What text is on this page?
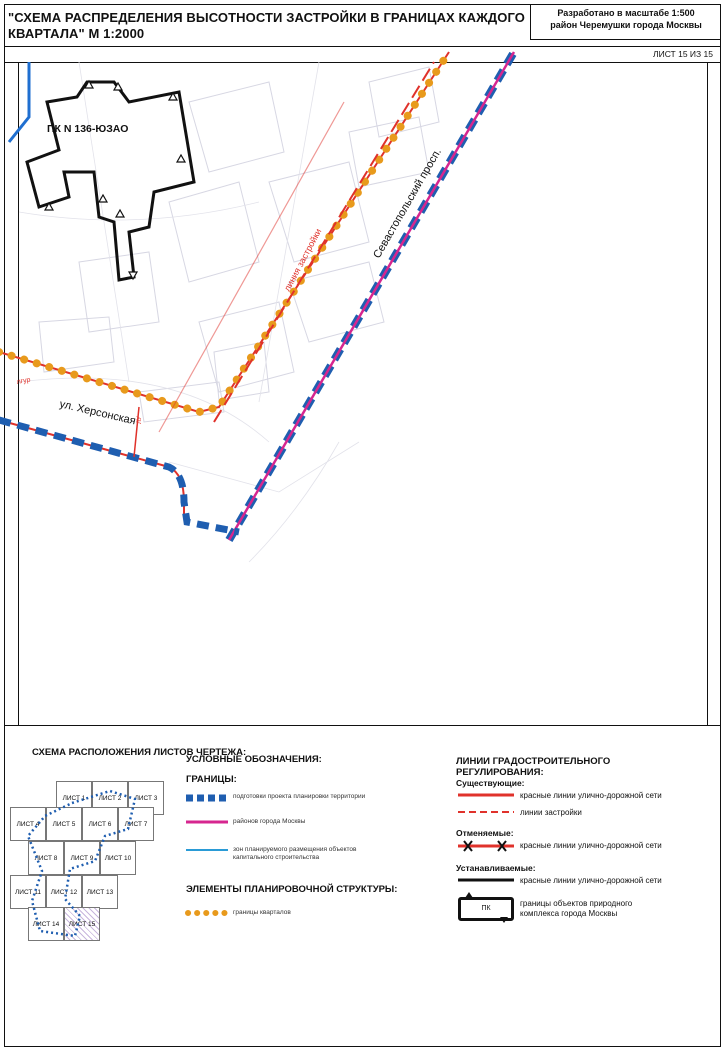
"СХЕМА РАСПРЕДЕЛЕНИЯ ВЫСОТНОСТИ ЗАСТРОЙКИ В ГРАНИЦАХ КАЖДОГО КВАРТАЛА" М 1:2000
Разработано в масштабе 1:500
район Черемушки города Москвы
ЛИСТ 15 ИЗ 15
ПК N 136-ЮЗАО
линия застройки
ул. Херсонская
Севастопольский просп.
лгур
ЛУ
СХЕМА РАСПОЛОЖЕНИЯ ЛИСТОВ ЧЕРТЕЖА:
ЛИСТ 1	ЛИСТ 2	ЛИСТ 3
ЛИСТ 4	ЛИСТ 5	ЛИСТ 6	ЛИСТ 7
ЛИСТ 8	ЛИСТ 9	ЛИСТ 10
ЛИСТ 11	ЛИСТ 12	ЛИСТ 13
ЛИСТ 14	ЛИСТ 15
УСЛОВНЫЕ ОБОЗНАЧЕНИЯ:
ГРАНИЦЫ:
подготовки проекта планировки территории
районов города Москвы
зон планируемого размещения объектов капитального строительства
ЭЛЕМЕНТЫ ПЛАНИРОВОЧНОЙ СТРУКТУРЫ:
границы кварталов
ЛИНИИ ГРАДОСТРОИТЕЛЬНОГО РЕГУЛИРОВАНИЯ:
Существующие:
красные линии улично-дорожной сети
линии застройки
Отменяемые:
красные линии улично-дорожной сети
Устанавливаемые:
красные линии улично-дорожной сети
ПК
границы объектов природного комплекса города Москвы
